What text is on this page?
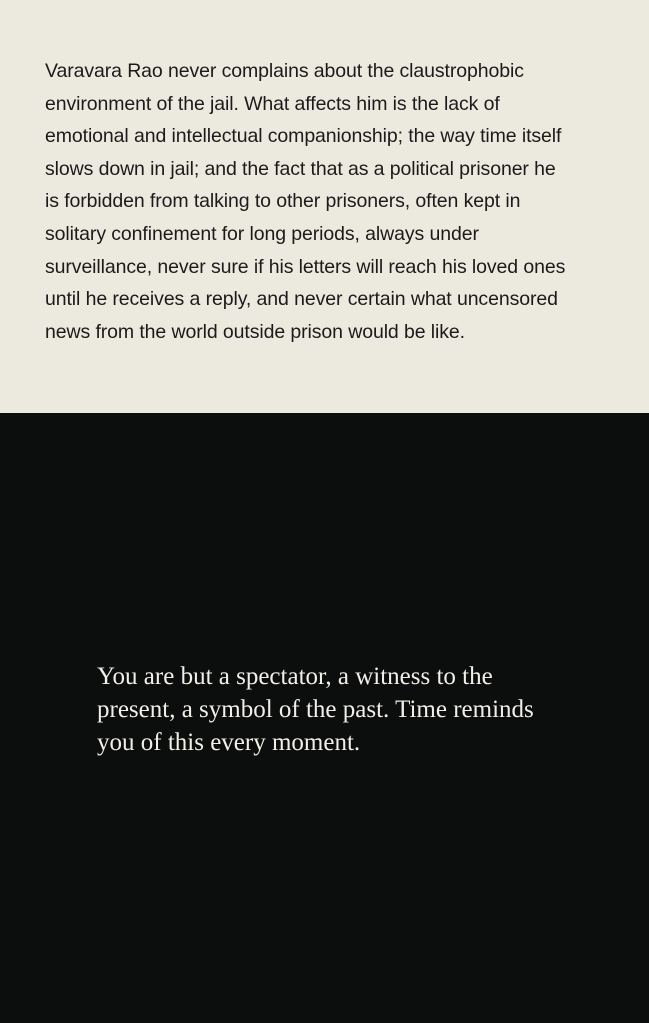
Varavara Rao never complains about the claustrophobic
environment of the jail. What affects him is the lack of
emotional and intellectual companionship; the way time itself
slows down in jail; and the fact that as a political prisoner he
is forbidden from talking to other prisoners, often kept in
solitary confinement for long periods, always under
surveillance, never sure if his letters will reach his loved ones
until he receives a reply, and never certain what uncensored
news from the world outside prison would be like.

You are but a spectator, a witness to the
present, a symbol of the past. Time reminds
you of this every moment.
